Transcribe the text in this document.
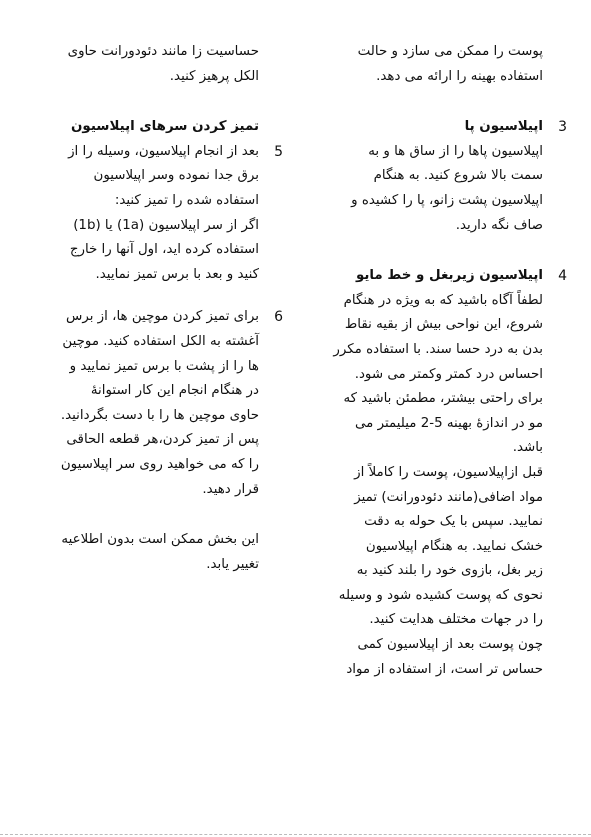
پوست را ممکن می سازد و حالت
استفاده بهینه را ارائه می دهد.

3

اپیلاسیون پا

اپیلاسیون پاها را از ساق ها و به
سمت بالا شروع کنید. به هنگام
اپیلاسیون پشت زانو، پا را کشیده و
صاف نگه دارید.

4

اپیلاسیون زیربغل و خط مایو

لطفاً آگاه باشید که به ویژه در هنگام
شروع، این نواحی بیش از بقیه نقاط
بدن به درد حسا سند. با استفاده مکرر
احساس درد کمتر وکمتر می شود.
برای راحتی بیشتر، مطمئن باشید که
مو در اندازهٔ بهینه 5-2 میلیمتر می
باشد.
قبل ازاپیلاسیون، پوست را کاملاً از
مواد اضافی(مانند دئودورانت) تمیز
نمایید. سپس با یک حوله به دقت
خشک نمایید. به هنگام اپیلاسیون
زیر بغل، بازوی خود را بلند کنید به
نحوی که پوست کشیده شود و وسیله
را در جهات مختلف هدایت کنید.
چون پوست بعد از اپیلاسیون کمی
حساس تر است، از استفاده از مواد

حساسیت زا مانند دئودورانت حاوی
الکل پرهیز کنید.

تمیز کردن سرهای اپیلاسیون

5

بعد از انجام اپیلاسیون، وسیله را از
برق جدا نموده وسر اپیلاسیون
استفاده شده را تمیز کنید:
اگر از سر اپیلاسیون (1a) یا (1b)
استفاده کرده اید، اول آنها را خارج
کنید و بعد با برس تمیز نمایید.

6

برای تمیز کردن موچین ها، از برس
آغشته به الکل استفاده کنید. موچین
ها را از پشت با برس تمیز نمایید و
در هنگام انجام این کار استوانهٔ
حاوی موچین ها را با دست بگردانید.
پس از تمیز کردن،هر قطعه الحاقی
را که می خواهید روی سر اپیلاسیون
قرار دهید.

این بخش ممکن است بدون اطلاعیه
تغییر یابد.
